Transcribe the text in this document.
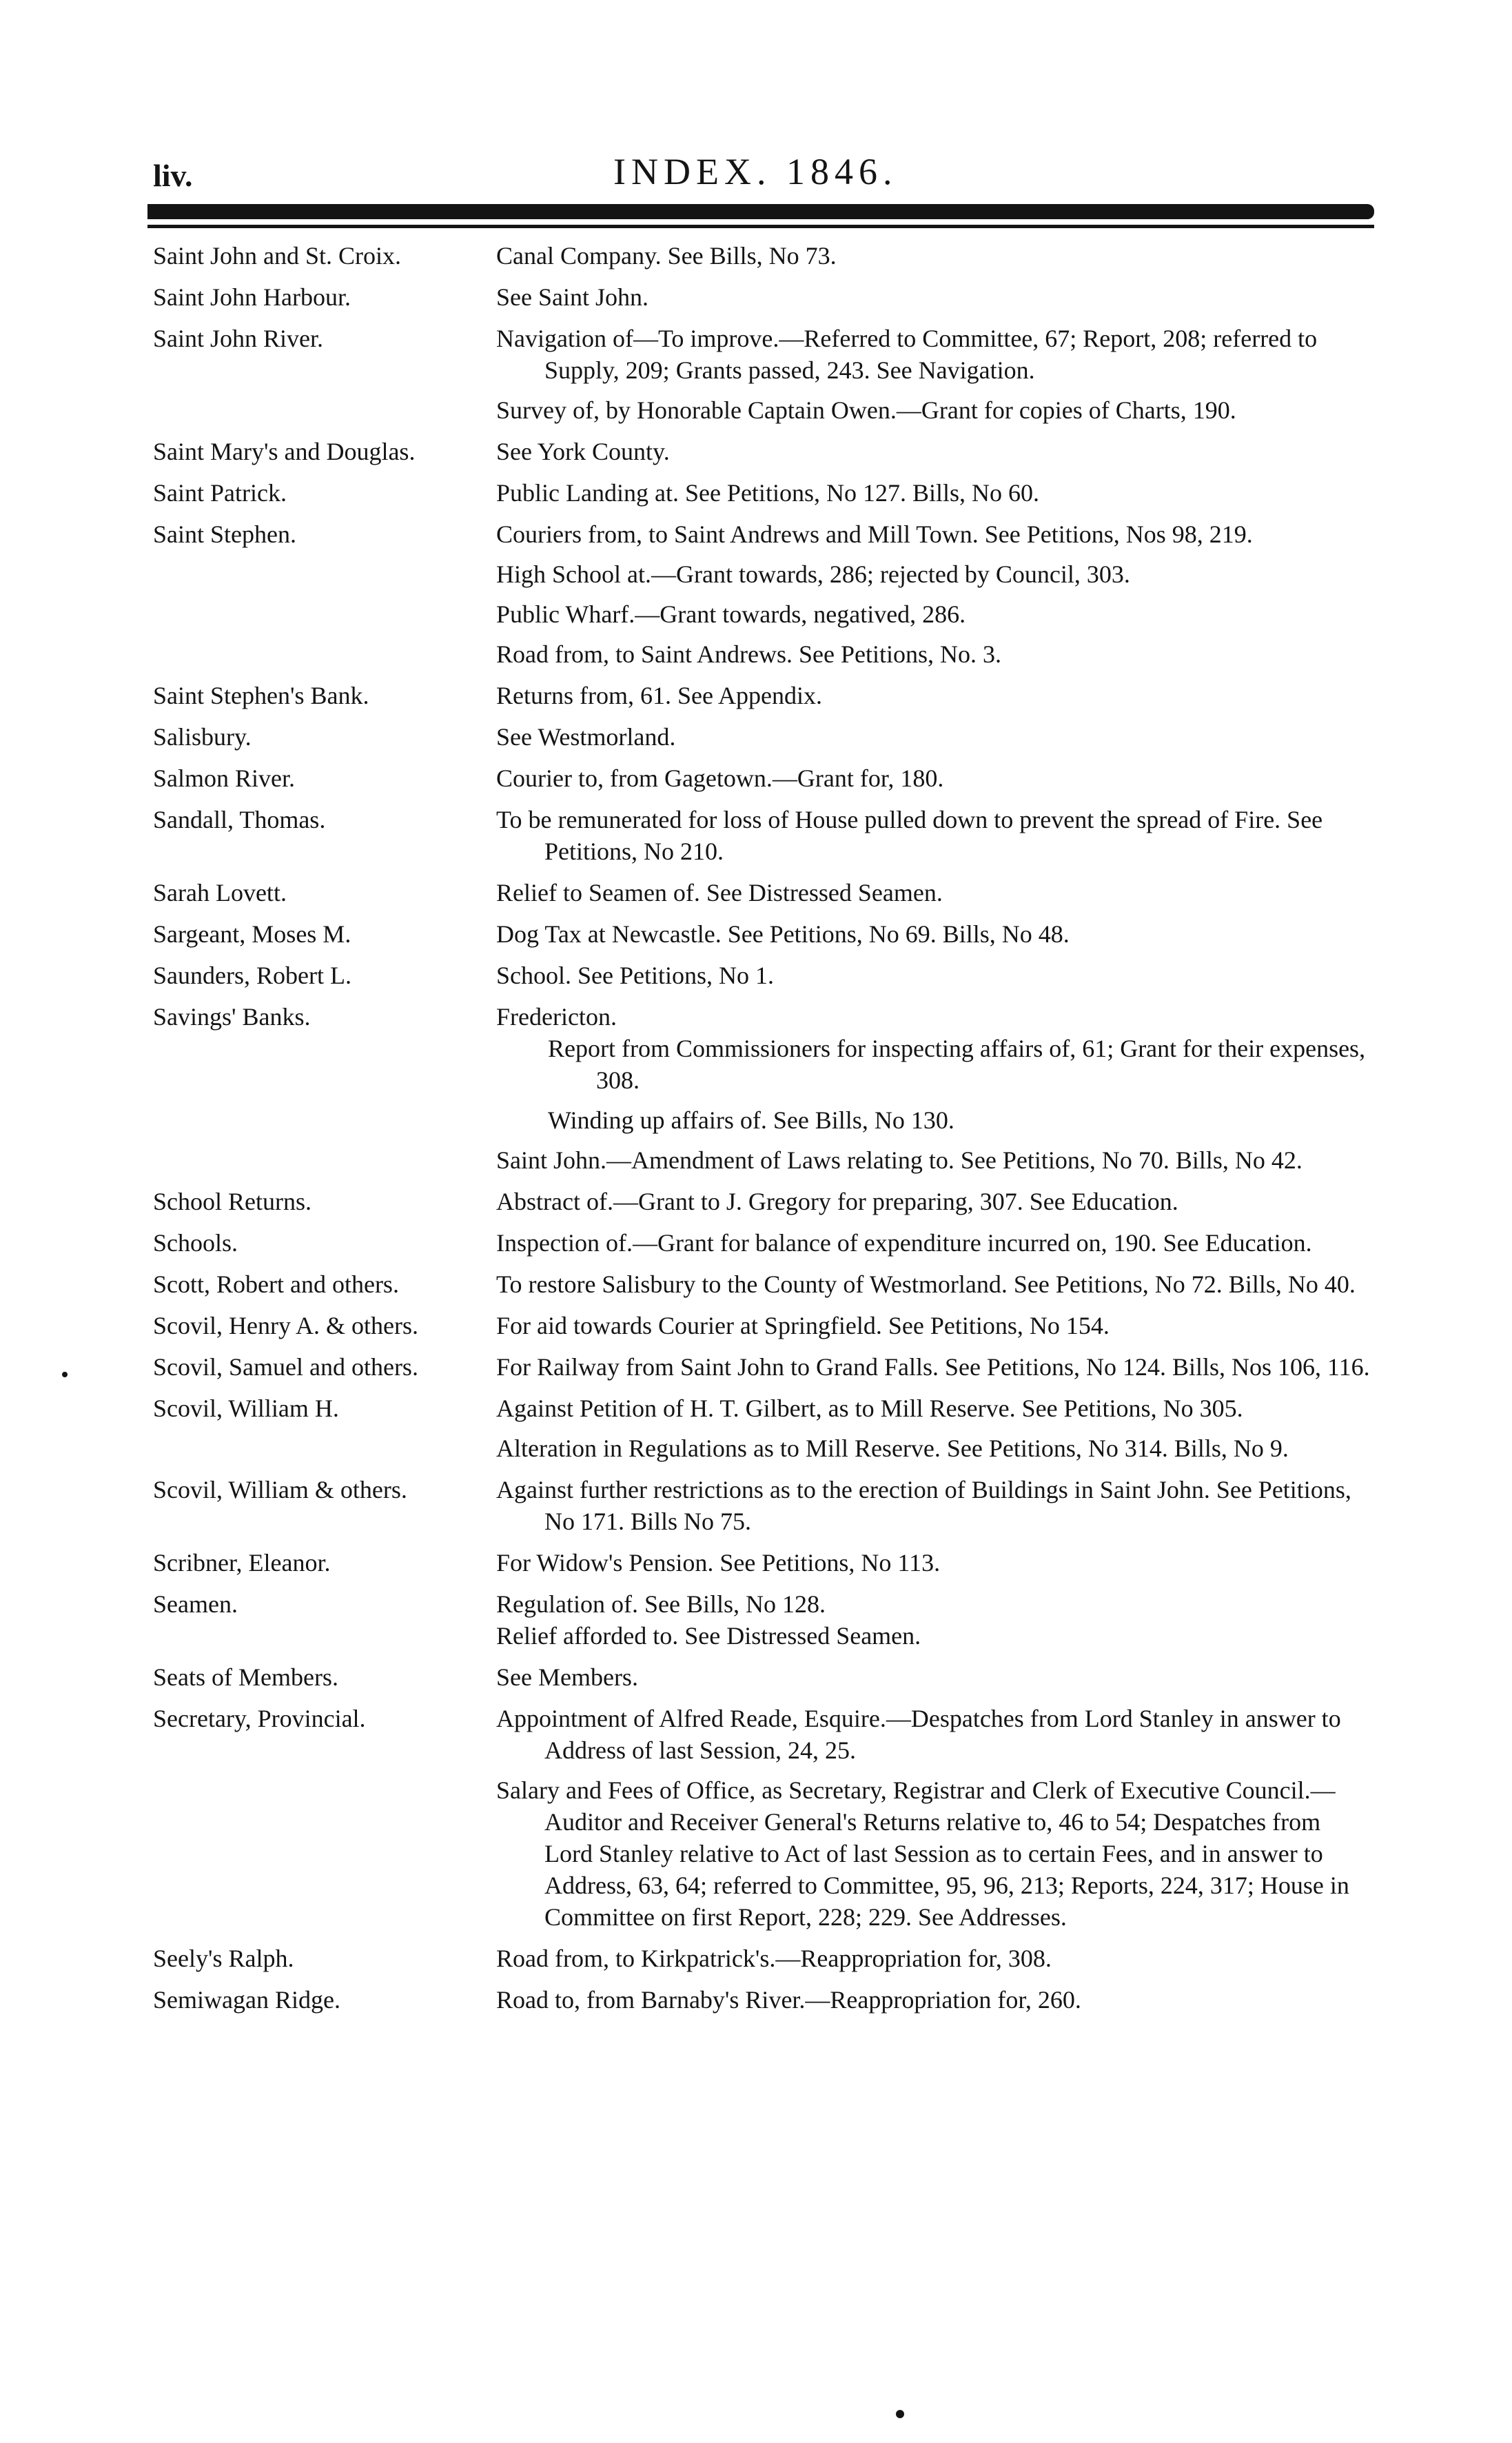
liv.	INDEX. 1846.
Saint John and St. Croix.	Canal Company. See Bills, No 73.
Saint John Harbour.	See Saint John.
Saint John River.	Navigation of—To improve.—Referred to Committee, 67; Report, 208; referred to Supply, 209; Grants passed, 243. See Navigation.
Survey of, by Honorable Captain Owen.—Grant for copies of Charts, 190.
Saint Mary's and Douglas.	See York County.
Saint Patrick.	Public Landing at. See Petitions, No 127. Bills, No 60.
Saint Stephen.	Couriers from, to Saint Andrews and Mill Town. See Petitions, Nos 98, 219.
High School at.—Grant towards, 286; rejected by Council, 303.
Public Wharf.—Grant towards, negatived, 286.
Road from, to Saint Andrews. See Petitions, No. 3.
Saint Stephen's Bank.	Returns from, 61. See Appendix.
Salisbury.	See Westmorland.
Salmon River.	Courier to, from Gagetown.—Grant for, 180.
Sandall, Thomas.	To be remunerated for loss of House pulled down to prevent the spread of Fire. See Petitions, No 210.
Sarah Lovett.	Relief to Seamen of. See Distressed Seamen.
Sargeant, Moses M.	Dog Tax at Newcastle. See Petitions, No 69. Bills, No 48.
Saunders, Robert L.	School. See Petitions, No 1.
Savings' Banks.	Fredericton.
Report from Commissioners for inspecting affairs of, 61; Grant for their expenses, 308.
Winding up affairs of. See Bills, No 130.
Saint John.—Amendment of Laws relating to. See Petitions, No 70. Bills, No 42.
School Returns.	Abstract of.—Grant to J. Gregory for preparing, 307. See Education.
Schools.	Inspection of.—Grant for balance of expenditure incurred on, 190. See Education.
Scott, Robert and others.	To restore Salisbury to the County of Westmorland. See Petitions, No 72. Bills, No 40.
Scovil, Henry A. & others.	For aid towards Courier at Springfield. See Petitions, No 154.
Scovil, Samuel and others.	For Railway from Saint John to Grand Falls. See Petitions, No 124. Bills, Nos 106, 116.
Scovil, William H.	Against Petition of H. T. Gilbert, as to Mill Reserve. See Petitions, No 305.
Alteration in Regulations as to Mill Reserve. See Petitions, No 314. Bills, No 9.
Scovil, William & others.	Against further restrictions as to the erection of Buildings in Saint John. See Petitions, No 171. Bills No 75.
Scribner, Eleanor.	For Widow's Pension. See Petitions, No 113.
Seamen.	Regulation of. See Bills, No 128.
Relief afforded to. See Distressed Seamen.
Seats of Members.	See Members.
Secretary, Provincial.	Appointment of Alfred Reade, Esquire.—Despatches from Lord Stanley in answer to Address of last Session, 24, 25.
Salary and Fees of Office, as Secretary, Registrar and Clerk of Executive Council.—Auditor and Receiver General's Returns relative to, 46 to 54; Despatches from Lord Stanley relative to Act of last Session as to certain Fees, and in answer to Address, 63, 64; referred to Committee, 95, 96, 213; Reports, 224, 317; House in Committee on first Report, 228; 229. See Addresses.
Seely's Ralph.	Road from, to Kirkpatrick's.—Reappropriation for, 308.
Semiwagan Ridge.	Road to, from Barnaby's River.—Reappropriation for, 260.
